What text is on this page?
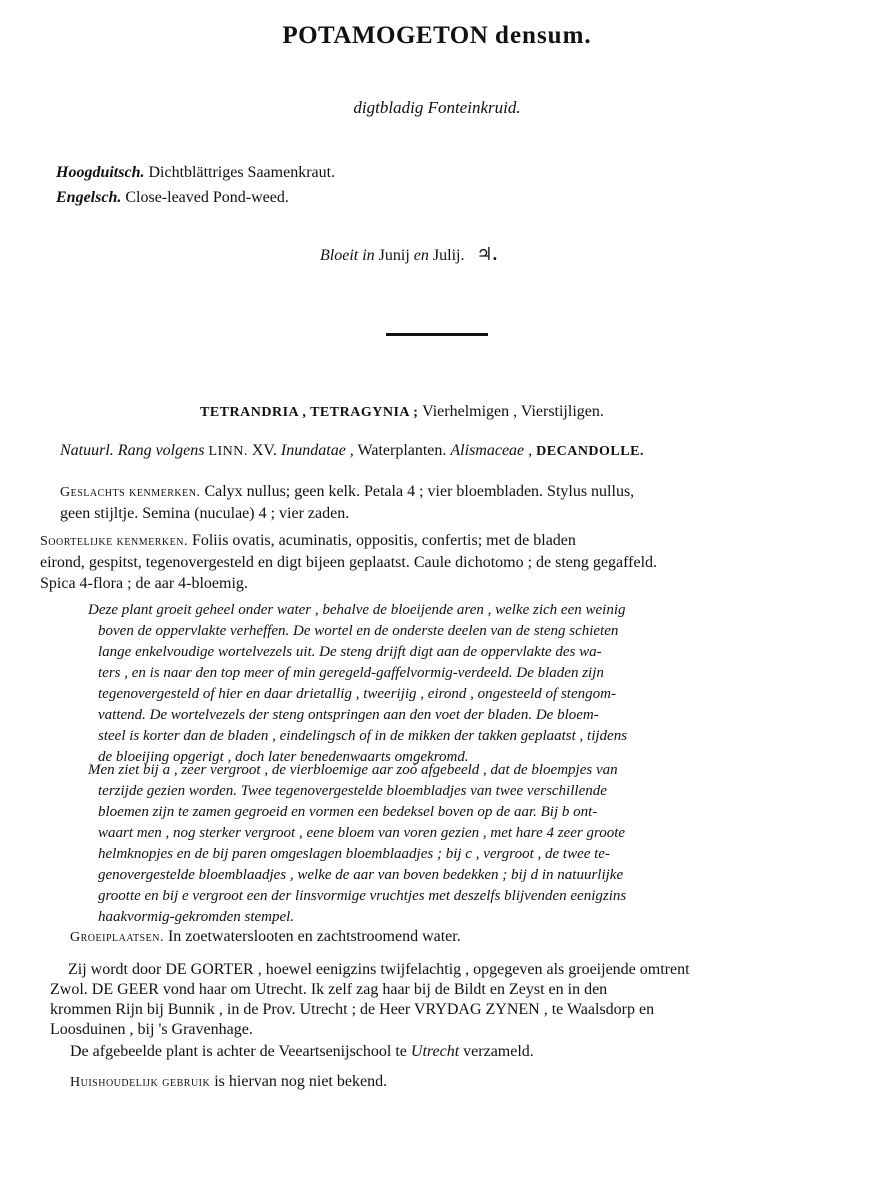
POTAMOGETON densum.
digtbladig Fonteinkruid.
Hoogduitsch. Dichtblättriges Saamenkraut.
Engelsch. Close-leaved Pond-weed.
Bloeit in Junij en Julij. ♃.
TETRANDRIA , TETRAGYNIA ; Vierhelmigen , Vierstijligen.
Natuurl. Rang volgens LINN. XV. Inundatae , Waterplanten. Alismaceae , DECANDOLLE.
Geslachts kenmerken. Calyx nullus; geen kelk. Petala 4 ; vier bloembladen. Stylus nullus,
geen stijltje. Semina (nuculae) 4 ; vier zaden.
Soortelijke kenmerken. Foliis ovatis, acuminatis, oppositis, confertis; met de bladen
eirond, gespitst, tegenovergesteld en digt bijeen geplaatst. Caule dichotomo ; de steng gegaffeld.
Spica 4-flora ; de aar 4-bloemig.
Deze plant groeit geheel onder water , behalve de bloeijende aren , welke zich een weinig
boven de oppervlakte verheffen. De wortel en de onderste deelen van de steng schieten
lange enkelvoudige wortelvezels uit. De steng drijft digt aan de oppervlakte des wa-
ters , en is naar den top meer of min geregeld-gaffelvormig-verdeeld. De bladen zijn
tegenovergesteld of hier en daar drietallig , tweerijig , eirond , ongesteeld of stengom-
vattend. De wortelvezels der steng ontspringen aan den voet der bladen. De bloem-
steel is korter dan de bladen , eindelingsch of in de mikken der takken geplaatst , tijdens
de bloeijing opgerigt , doch later benedenwaarts omgekromd.
Men ziet bij a , zeer vergroot , de vierbloemige aar zoó afgebeeld , dat de bloempjes van
terzijde gezien worden. Twee tegenovergestelde bloembladjes van twee verschillende
bloemen zijn te zamen gegroeid en vormen een bedeksel boven op de aar. Bij b ont-
waart men , nog sterker vergroot , eene bloem van voren gezien , met hare 4 zeer groote
helmknopjes en de bij paren omgeslagen bloemblaadjes ; bij c , vergroot , de twee te-
genovergestelde bloemblaadjes , welke de aar van boven bedekken ; bij d in natuurlijke
grootte en bij e vergroot een der linsvormige vruchtjes met deszelfs blijvenden eenigzins
haakvormig-gekromden stempel.
Groeiplaatsen. In zoetwaterslooten en zachtstroomend water.
Zij wordt door DE GORTER , hoewel eenigzins twijfelachtig , opgegeven als groeijende omtrent
Zwol. DE GEER vond haar om Utrecht. Ik zelf zag haar bij de Bildt en Zeyst en in den
krommen Rijn bij Bunnik , in de Prov. Utrecht ; de Heer VRYDAG ZYNEN , te Waalsdorp en
Loosduinen , bij 's Gravenhage.
De afgebeelde plant is achter de Veeartsenijschool te Utrecht verzameld.
Huishoudelijk gebruik is hiervan nog niet bekend.
